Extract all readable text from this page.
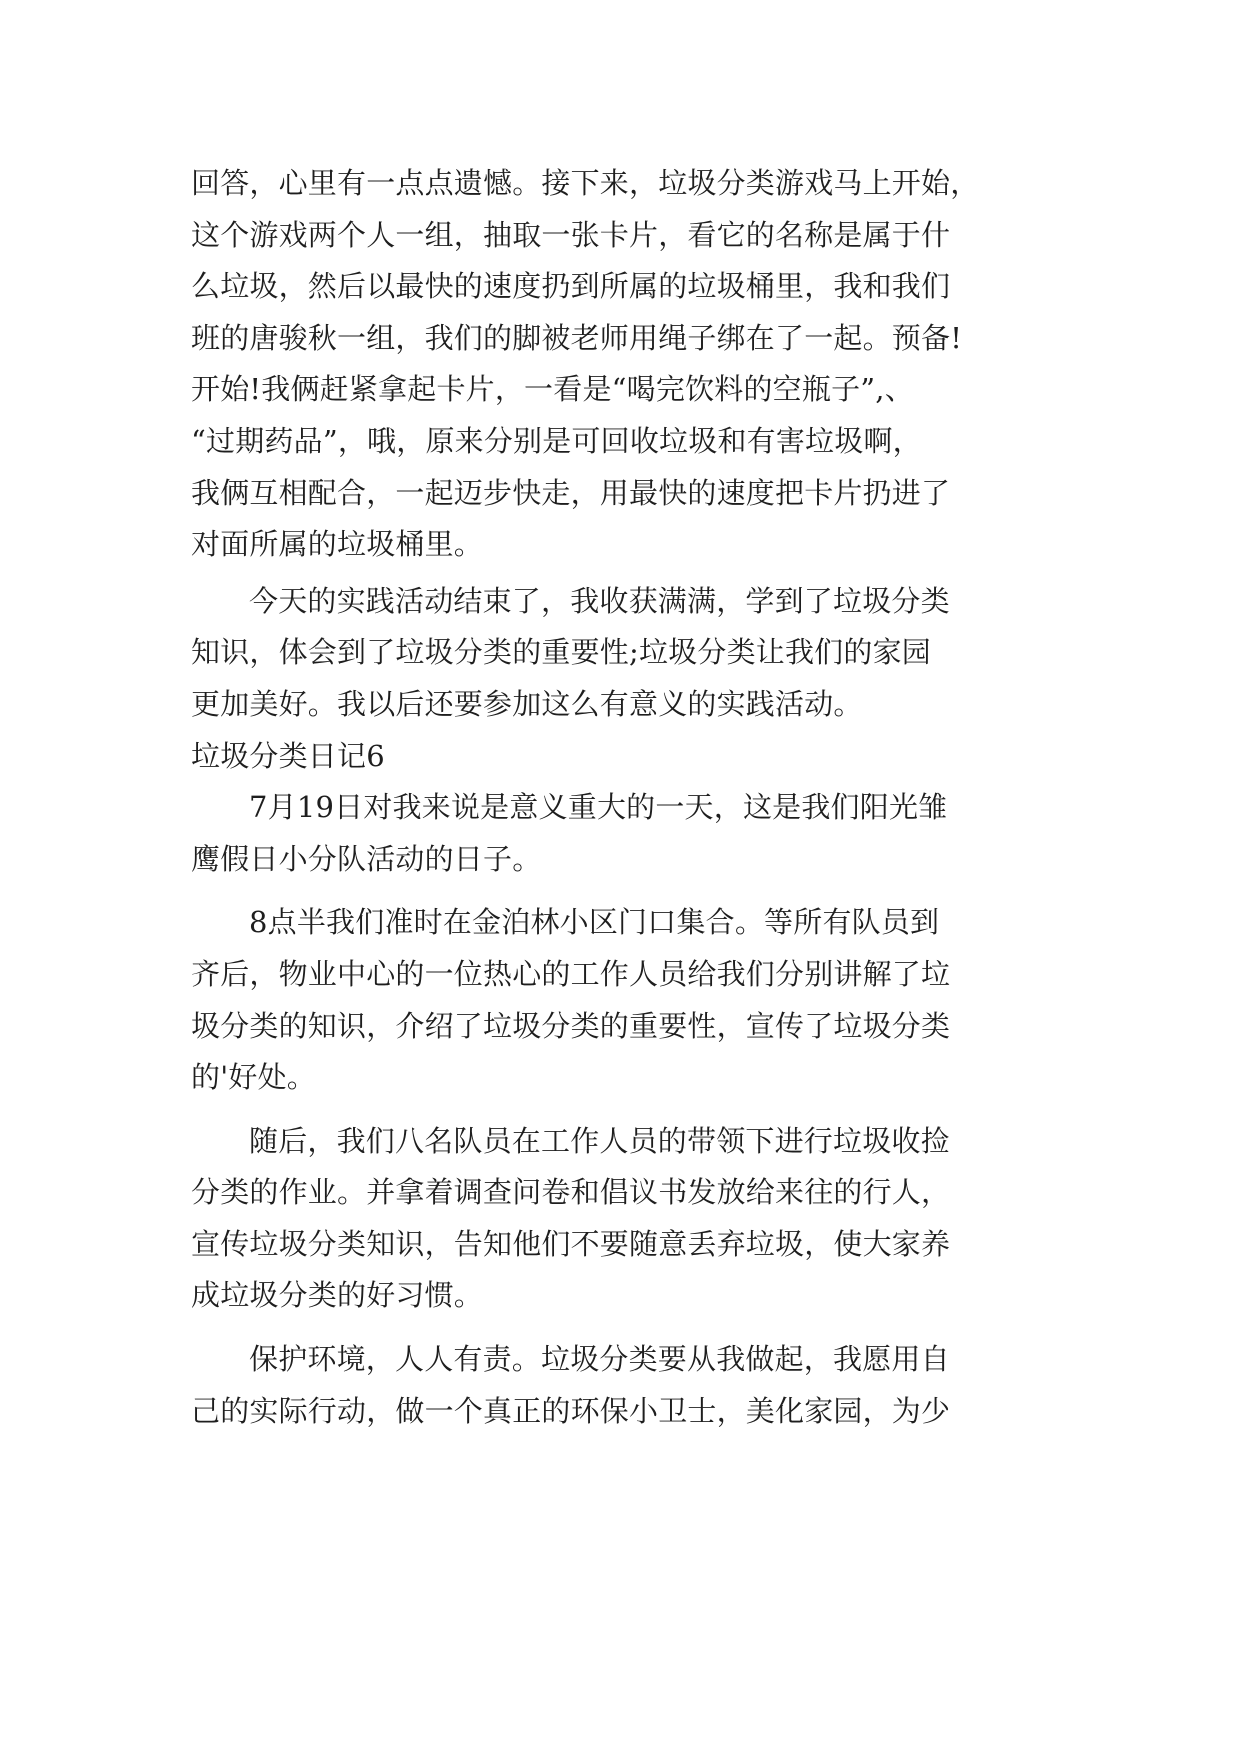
回答，心里有一点点遗憾。接下来，垃圾分类游戏马上开始，
这个游戏两个人一组，抽取一张卡片，看它的名称是属于什
么垃圾，然后以最快的速度扔到所属的垃圾桶里，我和我们
班的唐骏秋一组，我们的脚被老师用绳子绑在了一起。预备!
开始!我俩赶紧拿起卡片，一看是“喝完饮料的空瓶子”,、
“过期药品”，哦，原来分别是可回收垃圾和有害垃圾啊，
我俩互相配合，一起迈步快走，用最快的速度把卡片扔进了
对面所属的垃圾桶里。
今天的实践活动结束了，我收获满满，学到了垃圾分类
知识，体会到了垃圾分类的重要性;垃圾分类让我们的家园
更加美好。我以后还要参加这么有意义的实践活动。
垃圾分类日记6
7月19日对我来说是意义重大的一天，这是我们阳光雏
鹰假日小分队活动的日子。
8点半我们准时在金泊林小区门口集合。等所有队员到
齐后，物业中心的一位热心的工作人员给我们分别讲解了垃
圾分类的知识，介绍了垃圾分类的重要性，宣传了垃圾分类
的'好处。
随后，我们八名队员在工作人员的带领下进行垃圾收捡
分类的作业。并拿着调查问卷和倡议书发放给来往的行人，
宣传垃圾分类知识，告知他们不要随意丢弃垃圾，使大家养
成垃圾分类的好习惯。
保护环境，人人有责。垃圾分类要从我做起，我愿用自
己的实际行动，做一个真正的环保小卫士，美化家园，为少
